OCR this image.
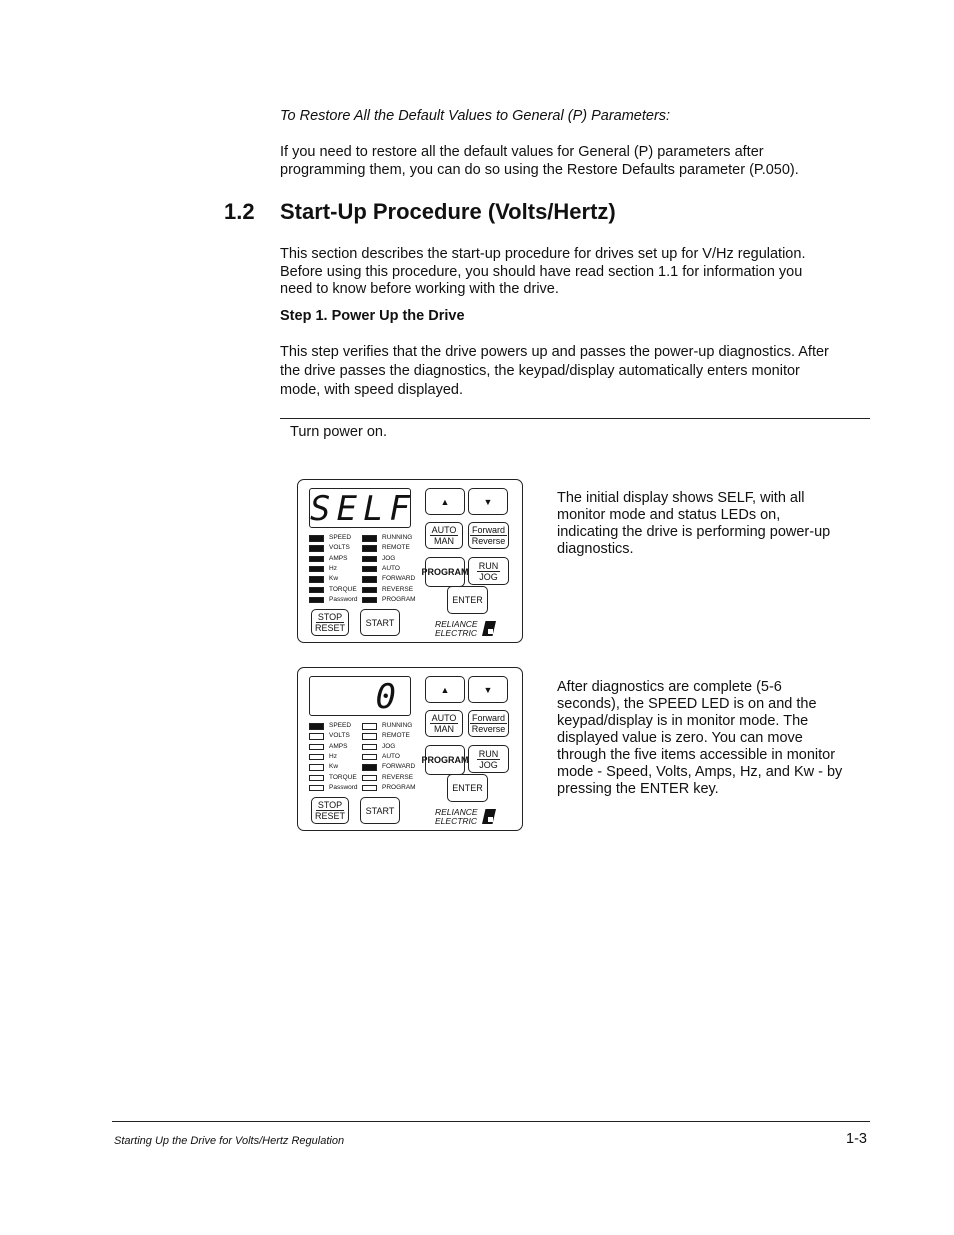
To Restore All the Default Values to General (P) Parameters:
If you need to restore all the default values for General (P) parameters after
programming them, you can do so using the Restore Defaults parameter (P.050).
1.2 Start-Up Procedure (Volts/Hertz)
This section describes the start-up procedure for drives set up for V/Hz regulation.
Before using this procedure, you should have read section 1.1 for information you
need to know before working with the drive.
Step 1. Power Up the Drive
This step verifies that the drive powers up and passes the power-up diagnostics. After
the drive passes the diagnostics, the keypad/display automatically enters monitor
mode, with speed displayed.
Turn power on.
SELF	▲	▼
AUTO
MAN
Forward
Reverse
PROGRAM
RUN
JOG
ENTER
STOP
RESET
START	RELIANCE
ELECTRIC
SPEED
VOLTS
AMPS
Hz
Kw
TORQUE
Password
RUNNING
REMOTE
JOG
AUTO
FORWARD
REVERSE
PROGRAM
The initial display shows SELF, with all
monitor mode and status LEDs on,
indicating the drive is performing power-up
diagnostics.
0	▲	▼
AUTO
MAN
Forward
Reverse
PROGRAM
RUN
JOG
ENTER
STOP
RESET
START	RELIANCE
ELECTRIC
SPEED
VOLTS
AMPS
Hz
Kw
TORQUE
Password
RUNNING
REMOTE
JOG
AUTO
FORWARD
REVERSE
PROGRAM
After diagnostics are complete (5-6
seconds), the SPEED LED is on and the
keypad/display is in monitor mode. The
displayed value is zero. You can move
through the five items accessible in monitor
mode - Speed, Volts, Amps, Hz, and Kw - by
pressing the ENTER key.
Starting Up the Drive for Volts/Hertz Regulation	1-3
